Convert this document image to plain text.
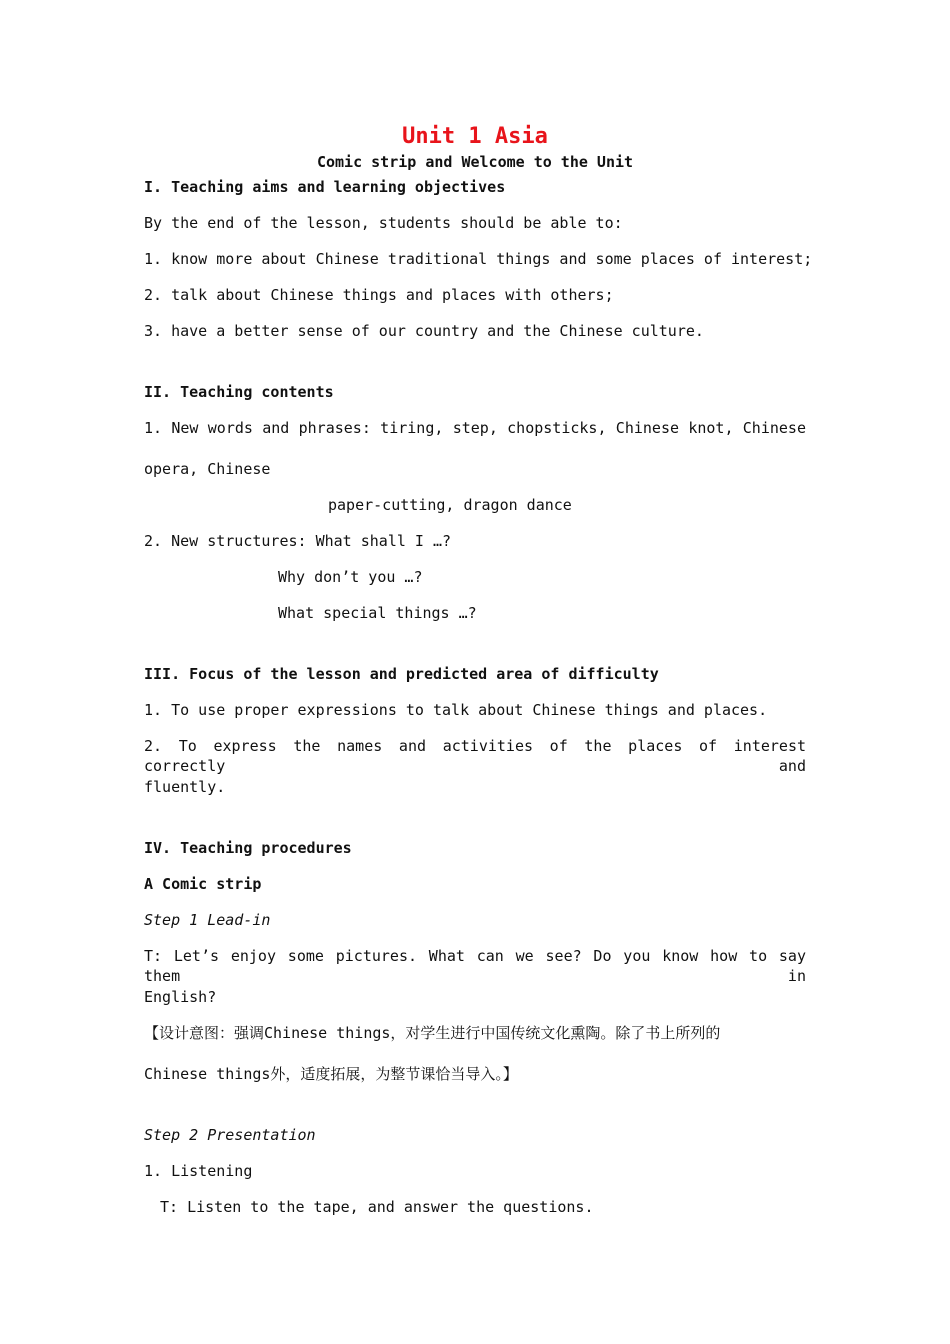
Unit 1 Asia
Comic strip and Welcome to the Unit
I. Teaching aims and learning objectives
By the end of the lesson, students should be able to:
1. know more about Chinese traditional things and some places of interest;
2. talk about Chinese things and places with others;
3. have a better sense of our country and the Chinese culture.
II. Teaching contents
1. New words and phrases: tiring, step, chopsticks, Chinese knot, Chinese
opera, Chinese
paper-cutting, dragon dance
2. New structures: What shall I …?
Why don’t you …?
What special things …?
III. Focus of the lesson and predicted area of difficulty
1. To use proper expressions to talk about Chinese things and places.
2. To express the names and activities of the places of interest correctly and
fluently.
IV. Teaching procedures
A Comic strip
Step 1 Lead-in
T: Let’s enjoy some pictures. What can we see? Do you know how to say them in
English?
【设计意图：强调Chinese things，对学生进行中国传统文化熏陶。除了书上所列的
Chinese things外，适度拓展，为整节课恰当导入。】
Step 2 Presentation
1. Listening
T: Listen to the tape, and answer the questions.
